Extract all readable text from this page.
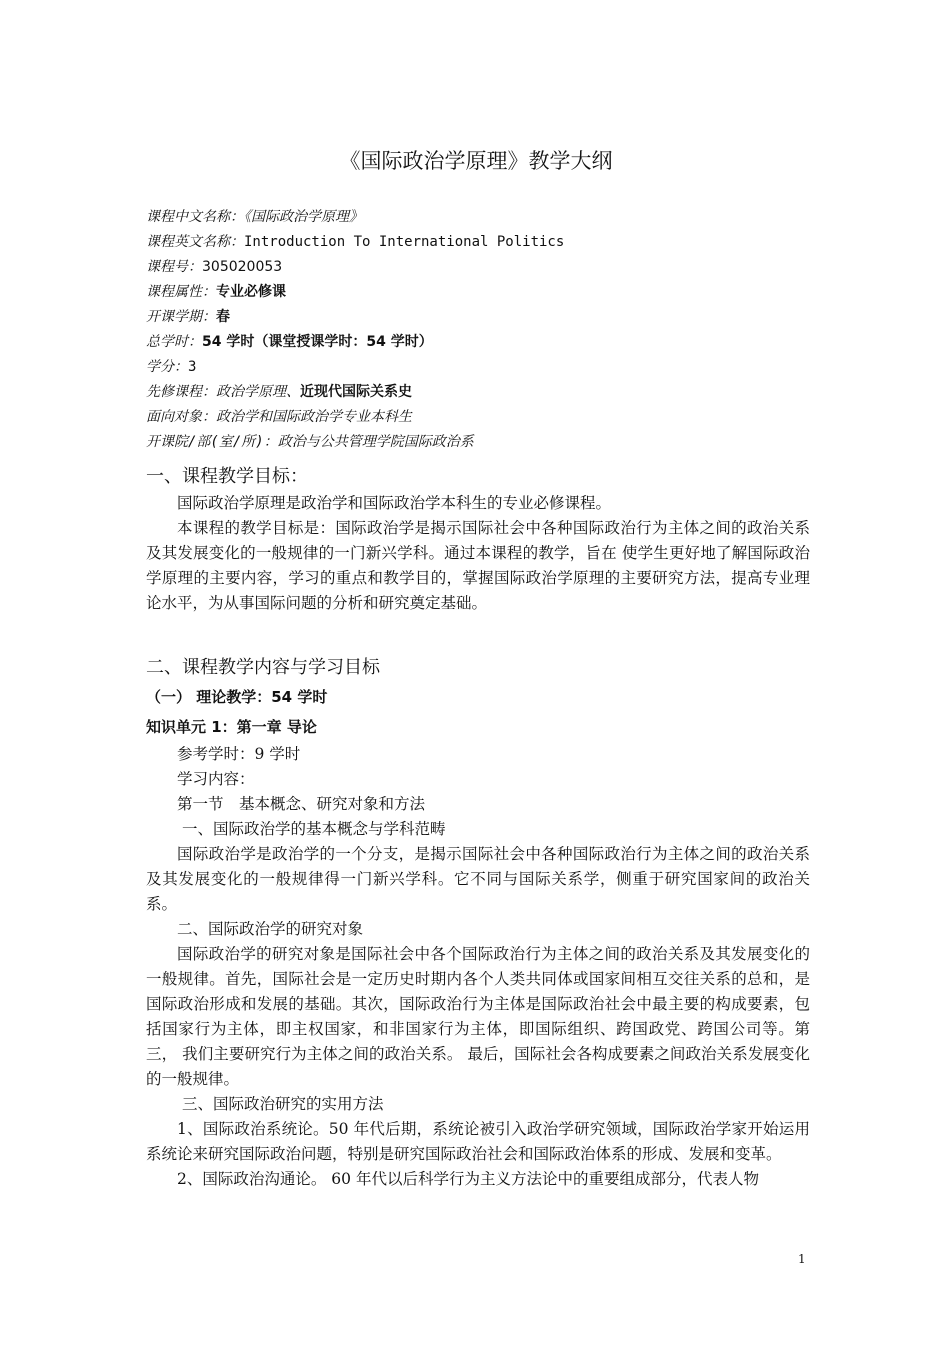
《国际政治学原理》教学大纲
课程中文名称：《国际政治学原理》
课程英文名称：Introduction To International Politics
课程号：305020053
课程属性：专业必修课
开课学期：春
总学时：54 学时（课堂授课学时：54 学时）
学分：3
先修课程：政治学原理、近现代国际关系史
面向对象：政治学和国际政治学专业本科生
开课院/部(室/所)：政治与公共管理学院国际政治系
一、课程教学目标：

国际政治学原理是政治学和国际政治学本科生的专业必修课程。

本课程的教学目标是：国际政治学是揭示国际社会中各种国际政治行为主体之间的政治关系及其发展变化的一般规律的一门新兴学科。通过本课程的教学，旨在 使学生更好地了解国际政治学原理的主要内容，学习的重点和教学目的，掌握国际政治学原理的主要研究方法，提高专业理论水平，为从事国际问题的分析和研究奠定基础。

二、课程教学内容与学习目标
（一） 理论教学：54 学时
知识单元 1：第一章 导论

参考学时：9 学时

学习内容：

第一节　基本概念、研究对象和方法

一、国际政治学的基本概念与学科范畴

国际政治学是政治学的一个分支，是揭示国际社会中各种国际政治行为主体之间的政治关系及其发展变化的一般规律得一门新兴学科。它不同与国际关系学，侧重于研究国家间的政治关系。

二、国际政治学的研究对象

国际政治学的研究对象是国际社会中各个国际政治行为主体之间的政治关系及其发展变化的一般规律。首先，国际社会是一定历史时期内各个人类共同体或国家间相互交往关系的总和，是国际政治形成和发展的基础。其次，国际政治行为主体是国际政治社会中最主要的构成要素，包括国家行为主体，即主权国家，和非国家行为主体，即国际组织、跨国政党、跨国公司等。第三， 我们主要研究行为主体之间的政治关系。 最后，国际社会各构成要素之间政治关系发展变化的一般规律。

三、国际政治研究的实用方法

1、国际政治系统论。50 年代后期，系统论被引入政治学研究领域，国际政治学家开始运用系统论来研究国际政治问题，特别是研究国际政治社会和国际政治体系的形成、发展和变革。

2、国际政治沟通论。 60 年代以后科学行为主义方法论中的重要组成部分，代表人物

1
